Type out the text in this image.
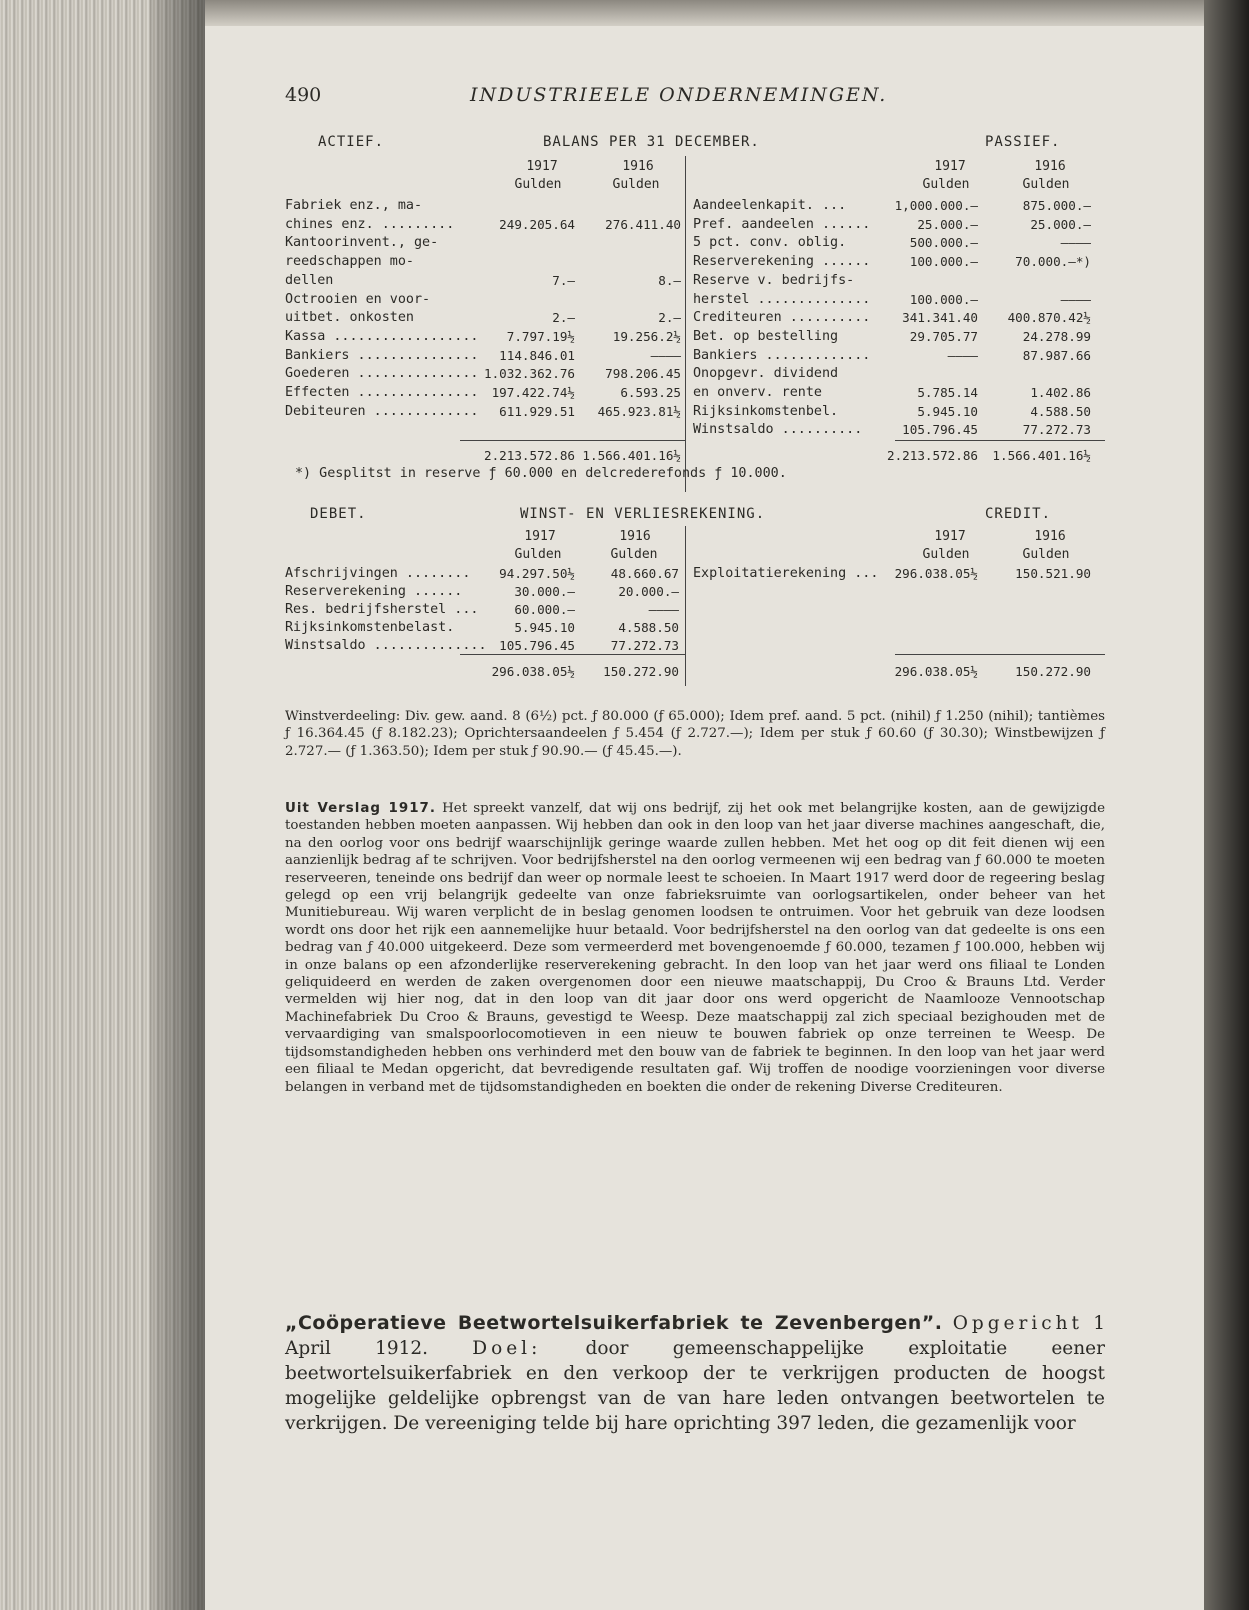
490	INDUSTRIEELE ONDERNEMINGEN.
ACTIEF.	BALANS PER 31 DECEMBER.	PASSIEF.
1917	1916
Gulden	Gulden
1917	1916
Gulden	Gulden
Fabriek enz., ma-
chines enz. .........	249.205.64	276.411.40
Kantoorinvent., ge-
reedschappen mo-
dellen	7.—	8.—
Octrooien en voor-
uitbet. onkosten	2.—	2.—
Kassa ..................	7.797.19½	19.256.2½
Bankiers ...............	114.846.01	————
Goederen ............... 1.032.362.76	798.206.45
Effecten ...............	197.422.74½	6.593.25
Debiteuren .............	611.929.51	465.923.81½
Aandeelenkapit. ...	1,000.000.—	875.000.—
Pref. aandeelen ......	25.000.—	25.000.—
5 pct. conv. oblig.	500.000.—	————
Reserverekening ......	100.000.—	70.000.—*)
Reserve v. bedrijfs-
herstel ..............	100.000.—	————
Crediteuren ..........	341.341.40	400.870.42½
Bet. op bestelling	29.705.77	24.278.99
Bankiers .............	————	87.987.66
Onopgevr. dividend
en onverv. rente	5.785.14	1.402.86
Rijksinkomstenbel.	5.945.10	4.588.50
Winstsaldo ..........	105.796.45	77.272.73
2.213.572.86 1.566.401.16½	2.213.572.86	1.566.401.16½
*) Gesplitst in reserve ƒ 60.000 en delcrederefonds ƒ 10.000.
DEBET.	WINST- EN VERLIESREKENING.	CREDIT.
1917	1916
Gulden	Gulden
1917	1916
Gulden	Gulden
Afschrijvingen ........	94.297.50½	48.660.67
Reserverekening ......	30.000.—	20.000.—
Res. bedrijfsherstel ...	60.000.—	————
Rijksinkomstenbelast.	5.945.10	4.588.50
Winstsaldo ..............	105.796.45	77.272.73
Exploitatierekening ...	296.038.05½	150.521.90
296.038.05½	150.272.90	296.038.05½	150.272.90

Winstverdeeling: Div. gew. aand. 8 (6½) pct. ƒ 80.000 (ƒ 65.000); Idem pref. aand. 5 pct. (nihil) ƒ 1.250 (nihil); tantièmes ƒ 16.364.45 (ƒ 8.182.23); Oprichtersaandeelen ƒ 5.454 (ƒ 2.727.—); Idem per stuk ƒ 60.60 (ƒ 30.30); Winstbewijzen ƒ 2.727.— (ƒ 1.363.50); Idem per stuk ƒ 90.90.— (ƒ 45.45.—).

Uit Verslag 1917. Het spreekt vanzelf, dat wij ons bedrijf, zij het ook met belangrijke kosten, aan de gewijzigde toestanden hebben moeten aanpassen. Wij hebben dan ook in den loop van het jaar diverse machines aangeschaft, die, na den oorlog voor ons bedrijf waarschijnlijk geringe waarde zullen hebben. Met het oog op dit feit dienen wij een aanzienlijk bedrag af te schrijven. Voor bedrijfsherstel na den oorlog vermeenen wij een bedrag van ƒ 60.000 te moeten reserveeren, teneinde ons bedrijf dan weer op normale leest te schoeien. In Maart 1917 werd door de regeering beslag gelegd op een vrij belangrijk gedeelte van onze fabrieksruimte van oorlogsartikelen, onder beheer van het Munitiebureau. Wij waren verplicht de in beslag genomen loodsen te ontruimen. Voor het gebruik van deze loodsen wordt ons door het rijk een aannemelijke huur betaald. Voor bedrijfsherstel na den oorlog van dat gedeelte is ons een bedrag van ƒ 40.000 uitgekeerd. Deze som vermeerderd met bovengenoemde ƒ 60.000, tezamen ƒ 100.000, hebben wij in onze balans op een afzonderlijke reserverekening gebracht. In den loop van het jaar werd ons filiaal te Londen geliquideerd en werden de zaken overgenomen door een nieuwe maatschappij, Du Croo & Brauns Ltd. Verder vermelden wij hier nog, dat in den loop van dit jaar door ons werd opgericht de Naamlooze Vennootschap Machinefabriek Du Croo & Brauns, gevestigd te Weesp. Deze maatschappij zal zich speciaal bezighouden met de vervaardiging van smalspoorlocomotieven in een nieuw te bouwen fabriek op onze terreinen te Weesp. De tijdsomstandigheden hebben ons verhinderd met den bouw van de fabriek te beginnen. In den loop van het jaar werd een filiaal te Medan opgericht, dat bevredigende resultaten gaf. Wij troffen de noodige voorzieningen voor diverse belangen in verband met de tijdsomstandigheden en boekten die onder de rekening Diverse Crediteuren.

„Coöperatieve Beetwortelsuikerfabriek te Zevenbergen”. Opgericht 1 April 1912. Doel: door gemeenschappelijke exploitatie eener beetwortelsuikerfabriek en den verkoop der te verkrijgen producten de hoogst mogelijke geldelijke opbrengst van de van hare leden ontvangen beetwortelen te verkrijgen. De vereeniging telde bij hare oprichting 397 leden, die gezamenlijk voor
